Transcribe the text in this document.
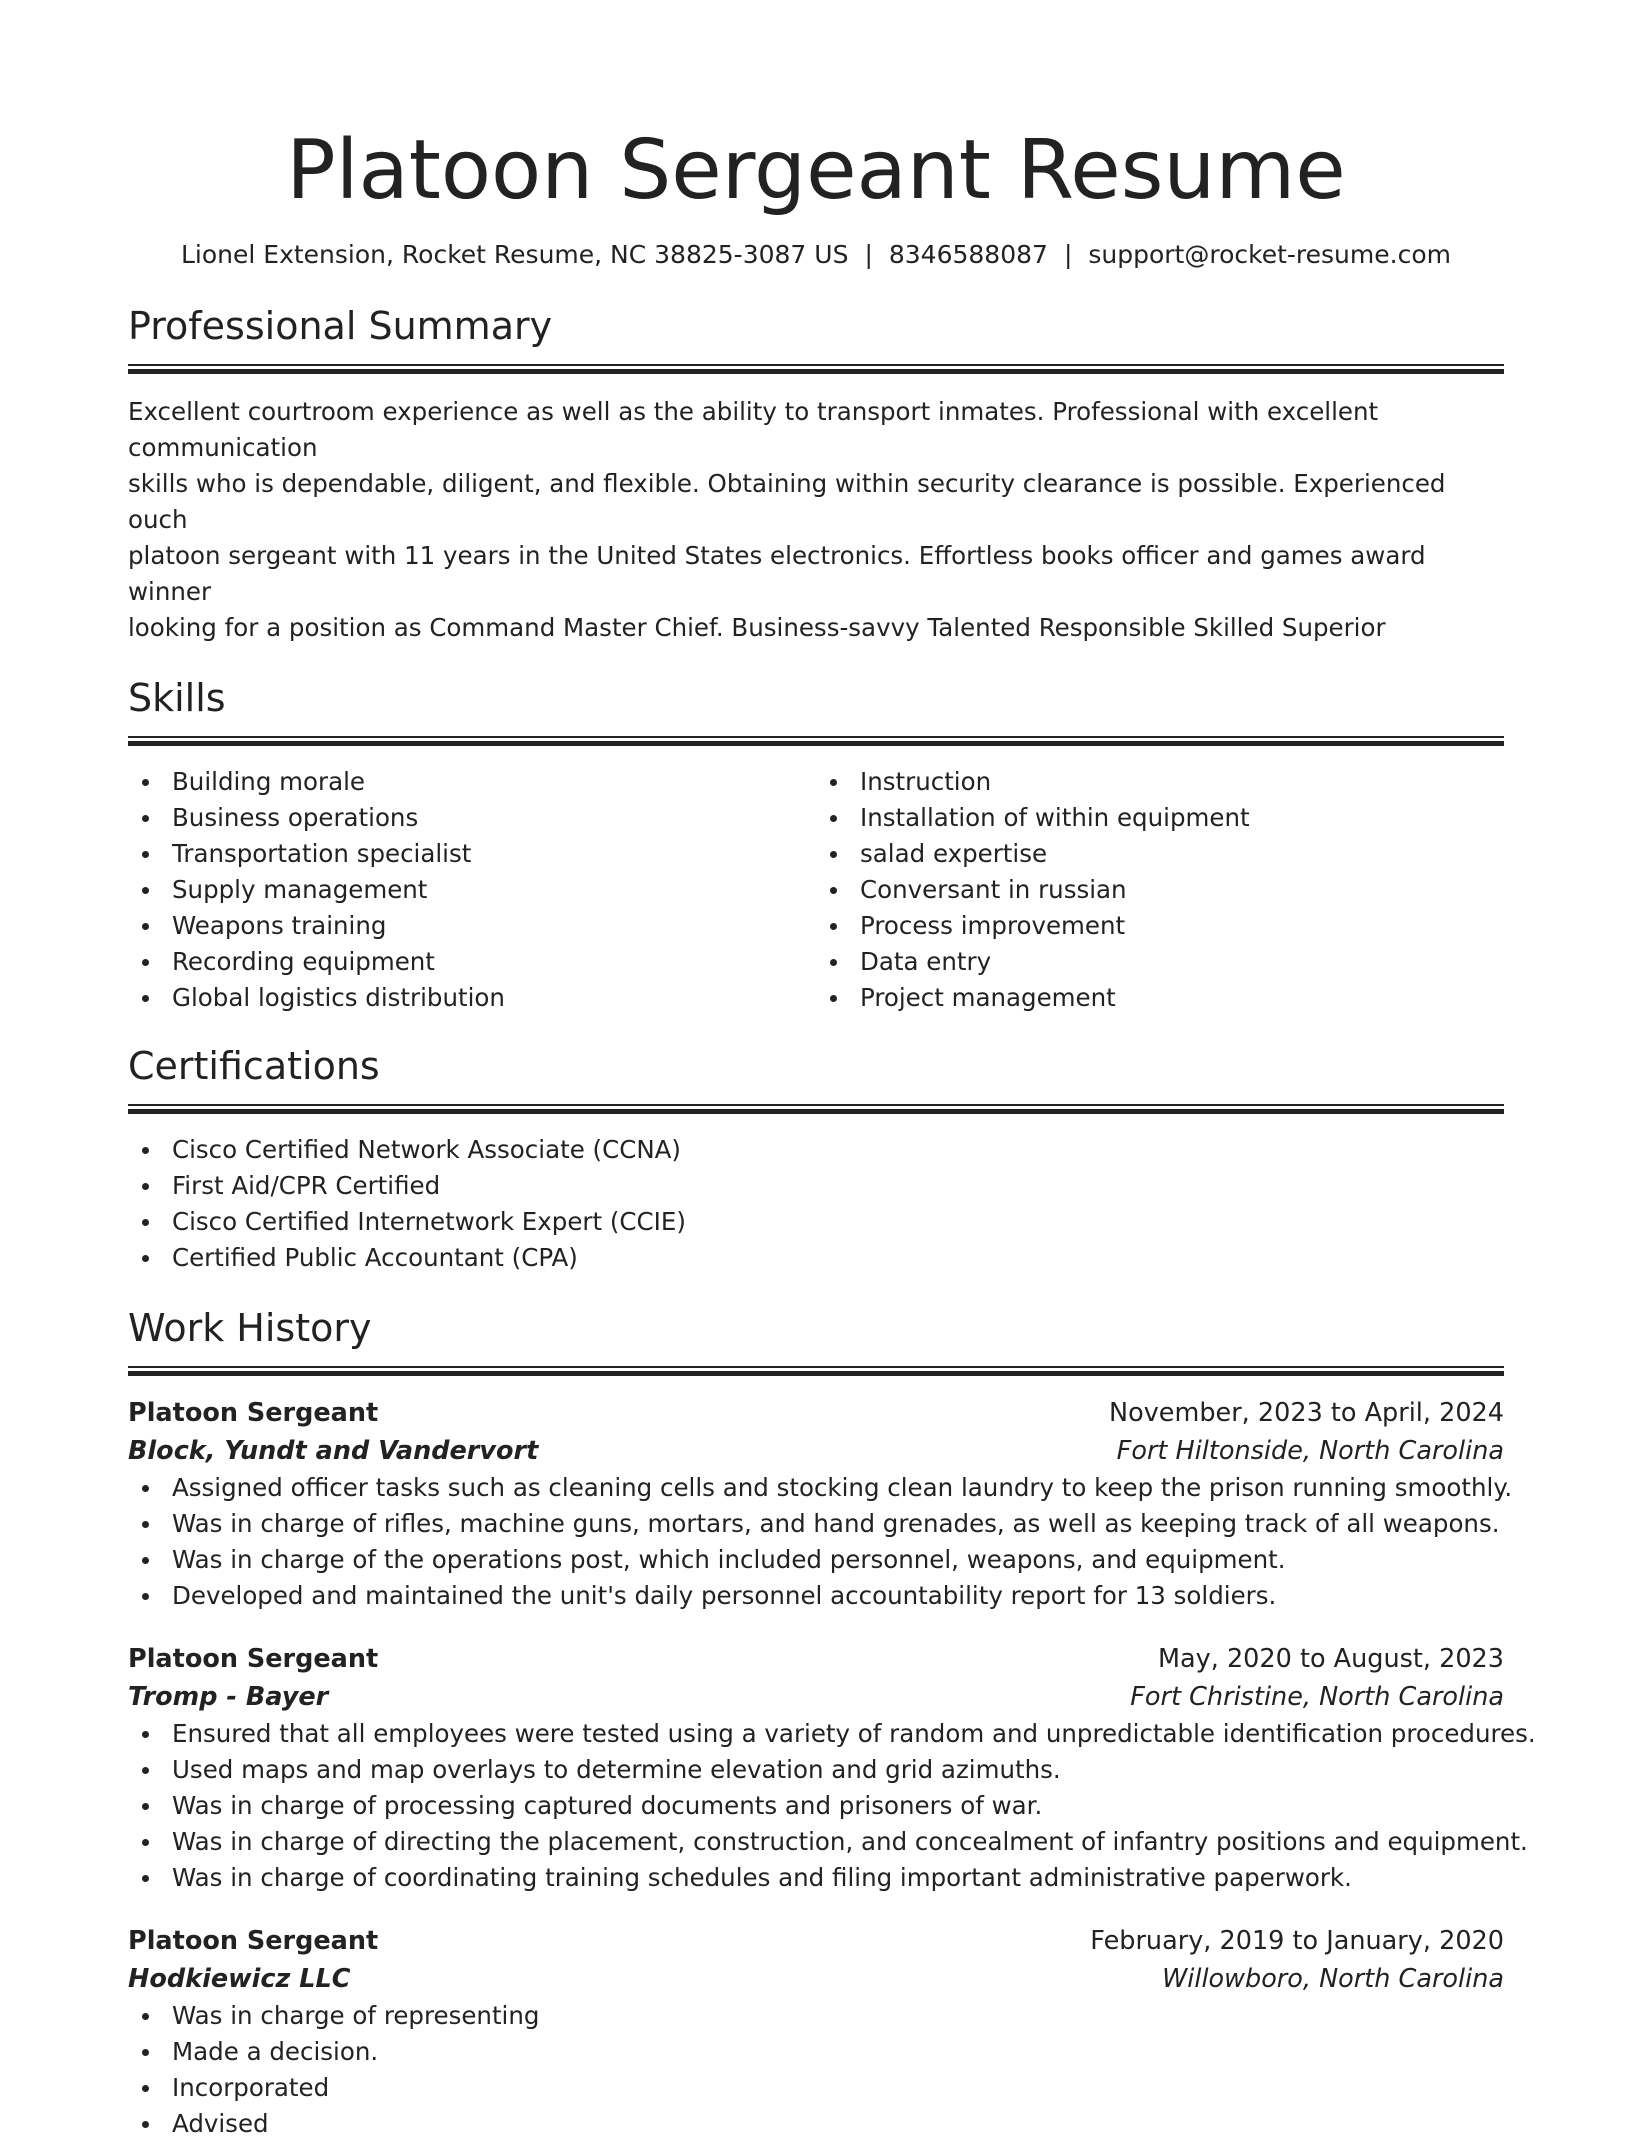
Platoon Sergeant Resume
Lionel Extension, Rocket Resume, NC 38825-3087 US | 8346588087 | support@rocket-resume.com
Professional Summary
Excellent courtroom experience as well as the ability to transport inmates. Professional with excellent communication
skills who is dependable, diligent, and flexible. Obtaining within security clearance is possible. Experienced ouch
platoon sergeant with 11 years in the United States electronics. Effortless books officer and games award winner
looking for a position as Command Master Chief. Business-savvy Talented Responsible Skilled Superior
Skills
Building morale
Business operations
Transportation specialist
Supply management
Weapons training
Recording equipment
Global logistics distribution
Instruction
Installation of within equipment
salad expertise
Conversant in russian
Process improvement
Data entry
Project management
Certifications
Cisco Certified Network Associate (CCNA)
First Aid/CPR Certified
Cisco Certified Internetwork Expert (CCIE)
Certified Public Accountant (CPA)
Work History
Platoon Sergeant	November, 2023 to April, 2024
Block, Yundt and Vandervort	Fort Hiltonside, North Carolina
Assigned officer tasks such as cleaning cells and stocking clean laundry to keep the prison running smoothly.
Was in charge of rifles, machine guns, mortars, and hand grenades, as well as keeping track of all weapons.
Was in charge of the operations post, which included personnel, weapons, and equipment.
Developed and maintained the unit's daily personnel accountability report for 13 soldiers.
Platoon Sergeant	May, 2020 to August, 2023
Tromp - Bayer	Fort Christine, North Carolina
Ensured that all employees were tested using a variety of random and unpredictable identification procedures.
Used maps and map overlays to determine elevation and grid azimuths.
Was in charge of processing captured documents and prisoners of war.
Was in charge of directing the placement, construction, and concealment of infantry positions and equipment.
Was in charge of coordinating training schedules and filing important administrative paperwork.
Platoon Sergeant	February, 2019 to January, 2020
Hodkiewicz LLC	Willowboro, North Carolina
Was in charge of representing
Made a decision.
Incorporated
Advised
